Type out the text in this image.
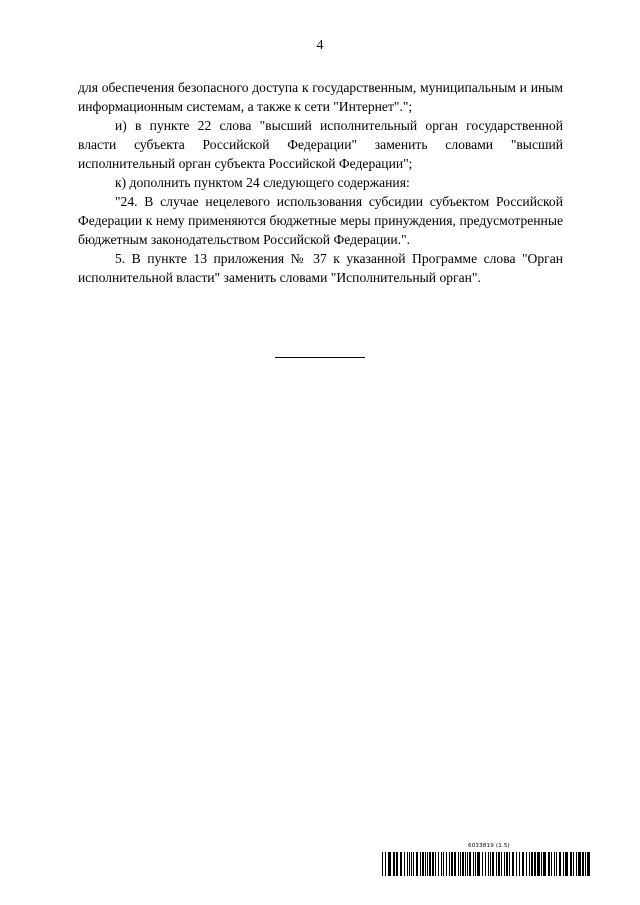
4

для обеспечения безопасного доступа к государственным, муниципальным и иным информационным системам, а также к сети "Интернет".";

и) в пункте 22 слова "высший исполнительный орган государственной власти субъекта Российской Федерации" заменить словами "высший исполнительный орган субъекта Российской Федерации";

к) дополнить пунктом 24 следующего содержания:

"24. В случае нецелевого использования субсидии субъектом Российской Федерации к нему применяются бюджетные меры принуждения, предусмотренные бюджетным законодательством Российской Федерации.".

5. В пункте 13 приложения № 37 к указанной Программе слова "Орган исполнительной власти" заменить словами "Исполнительный орган".

6033819 (1.5)
